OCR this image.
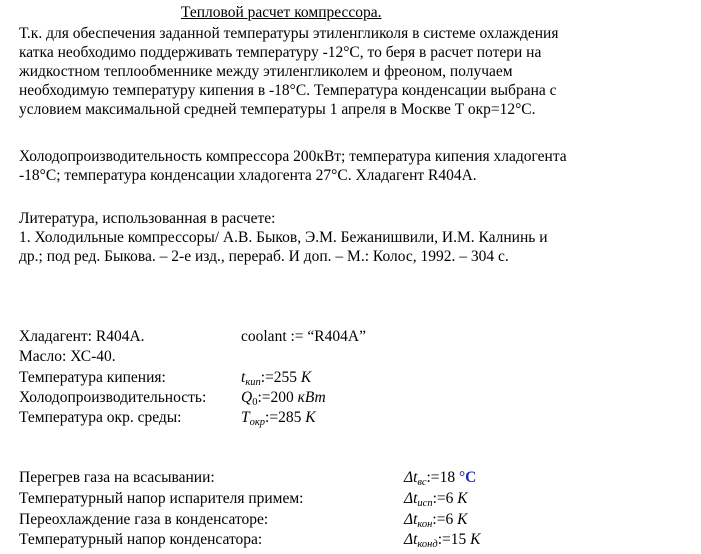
Тепловой расчет компрессора.
Т.к. для обеспечения заданной температуры этиленгликоля в системе охлаждения
катка необходимо поддерживать температуру -12°C, то беря в расчет потери на
жидкостном теплообменнике между этиленгликолем и фреоном, получаем
необходимую температуру кипения в -18°C. Температура конденсации выбрана с
условием максимальной средней температуры 1 апреля в Москве T окр=12°C.
Холодопроизводительность компрессора 200кВт; температура кипения хладогента
-18°C; температура конденсации хладогента 27°C. Хладагент R404A.
Литература, использованная в расчете:
1. Холодильные компрессоры/ А.В. Быков, Э.М. Бежанишвили, И.М. Калнинь и
др.; под ред. Быкова. – 2-е изд., перераб. И доп. – М.: Колос, 1992. – 304 с.
Хладагент: R404A.	coolant := “R404A”
Масло: ХС-40.
Температура кипения:	$t_{кип}:=255$ K
Холодопроизводительность: $Q_0:=200$ кВт
Температура окр. среды:	$T_{окр}:=285$ K
Перегрев газа на всасывании:	$\Delta t_{вс}:=18$ °C
Температурный напор испарителя примем:	$\Delta t_{исп}:=6$ K
Переохлаждение газа в конденсаторе:	$\Delta t_{кон}:=6$ K
Температурный напор конденсатора:	$\Delta t_{конд}:=15$ K
